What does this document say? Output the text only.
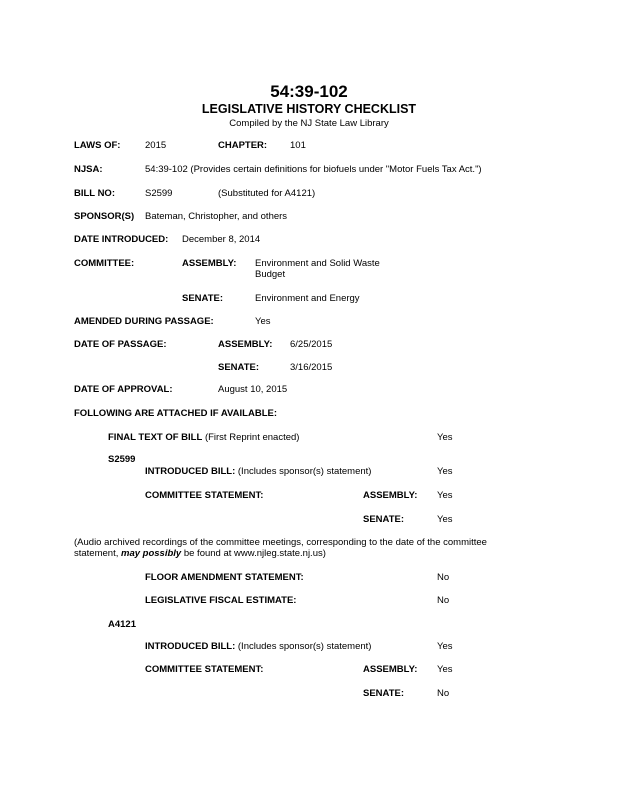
54:39-102
LEGISLATIVE HISTORY CHECKLIST
Compiled by the NJ State Law Library
LAWS OF:	2015	CHAPTER: 101
NJSA:	54:39-102 (Provides certain definitions for biofuels under "Motor Fuels Tax Act.")
BILL NO:	S2599	(Substituted for A4121)
SPONSOR(S) Bateman, Christopher, and others
DATE INTRODUCED: December 8, 2014
COMMITTEE:	ASSEMBLY: Environment and Solid Waste
Budget
SENATE:	Environment and Energy
AMENDED DURING PASSAGE:	Yes
DATE OF PASSAGE:	ASSEMBLY: 6/25/2015
SENATE:	3/16/2015
DATE OF APPROVAL:	August 10, 2015
FOLLOWING ARE ATTACHED IF AVAILABLE:
FINAL TEXT OF BILL (First Reprint enacted)	Yes
S2599
INTRODUCED BILL: (Includes sponsor(s) statement)	Yes
COMMITTEE STATEMENT:	ASSEMBLY: Yes
SENATE:	Yes
(Audio archived recordings of the committee meetings, corresponding to the date of the committee
statement, may possibly be found at www.njleg.state.nj.us)
FLOOR AMENDMENT STATEMENT:	No
LEGISLATIVE FISCAL ESTIMATE:	No
A4121
INTRODUCED BILL: (Includes sponsor(s) statement)	Yes
COMMITTEE STATEMENT:	ASSEMBLY: Yes
SENATE:	No
